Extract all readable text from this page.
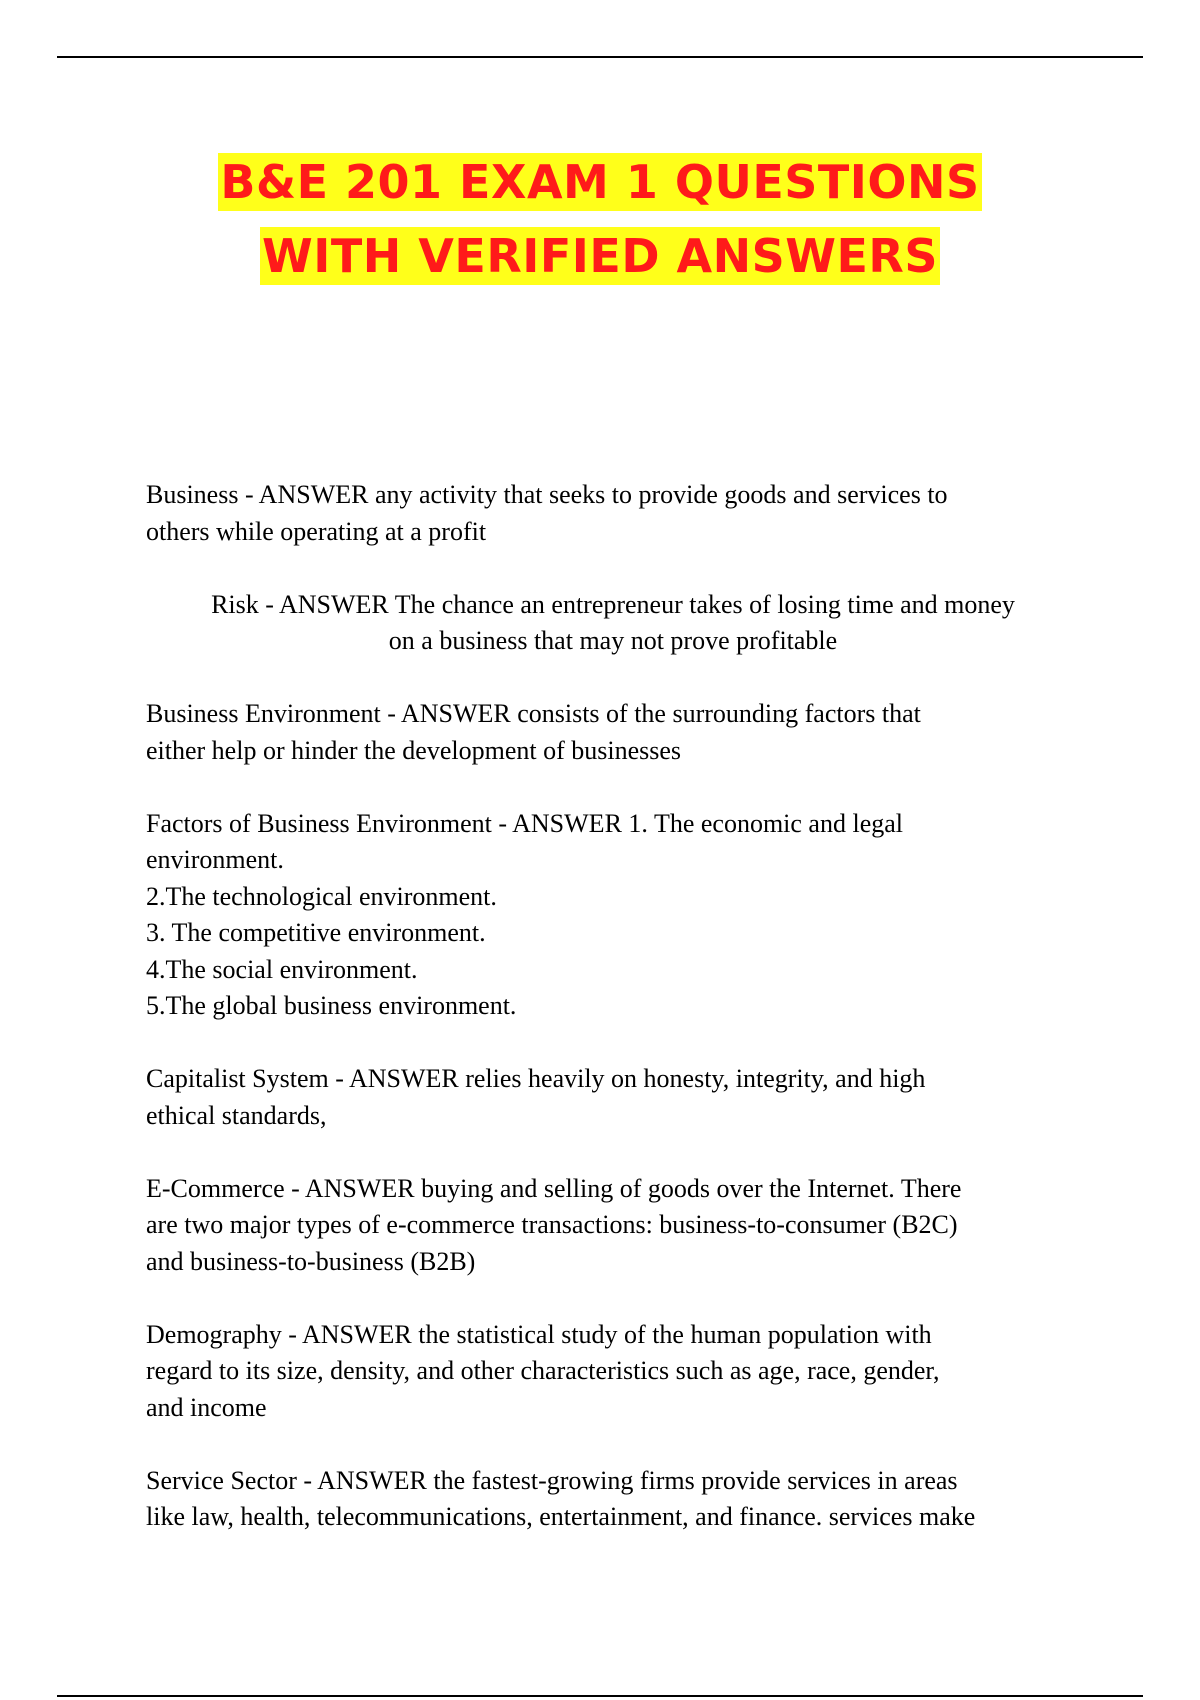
B&E 201 EXAM 1 QUESTIONS
WITH VERIFIED ANSWERS
Business - ANSWER any activity that seeks to provide goods and services to
others while operating at a profit
Risk - ANSWER The chance an entrepreneur takes of losing time and money
on a business that may not prove profitable
Business Environment - ANSWER consists of the surrounding factors that
either help or hinder the development of businesses
Factors of Business Environment - ANSWER 1. The economic and legal
environment.
2.The technological environment.
3. The competitive environment.
4.The social environment.
5.The global business environment.
Capitalist System - ANSWER relies heavily on honesty, integrity, and high
ethical standards,
E-Commerce - ANSWER buying and selling of goods over the Internet. There
are two major types of e-commerce transactions: business-to-consumer (B2C)
and business-to-business (B2B)
Demography - ANSWER the statistical study of the human population with
regard to its size, density, and other characteristics such as age, race, gender,
and income
Service Sector - ANSWER the fastest-growing firms provide services in areas
like law, health, telecommunications, entertainment, and finance. services make
